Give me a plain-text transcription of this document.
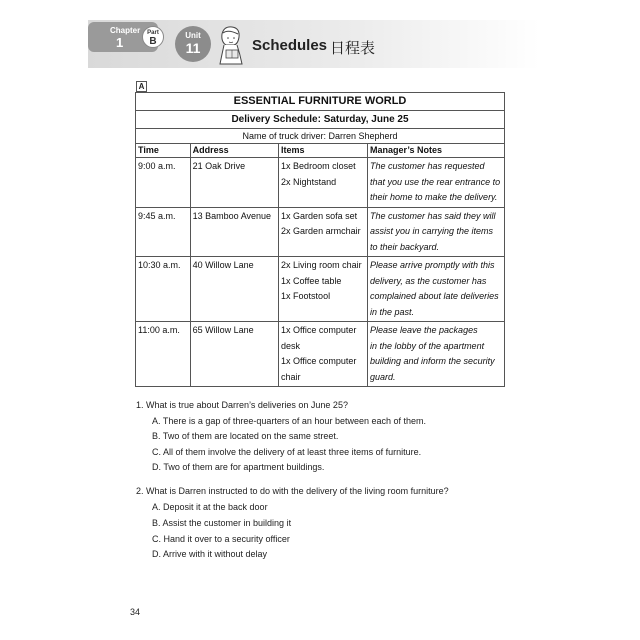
Chapter
1
Part
B
Unit
11	Schedules 日程表
A
ESSENTIAL FURNITURE WORLD			
Delivery Schedule: Saturday, June 25			
Name of truck driver: Darren Shepherd			
Time	Address	Items	Manager’s Notes
9:00 a.m.	21 Oak Drive	1x Bedroom closet
2x Nightstand	The customer has requested
that you use the rear entrance to
their home to make the delivery.

9:45 a.m.	13 Bamboo Avenue	1x Garden sofa set
2x Garden armchair	The customer has said they will
assist you in carrying the items
to their backyard.

10:30 a.m.	40 Willow Lane	2x Living room chair
1x Coffee table
1x Footstool	Please arrive promptly with this
delivery, as the customer has
complained about late deliveries
in the past.

11:00 a.m.	65 Willow Lane	1x Office computer
desk
1x Office computer
chair	Please leave the packages
in the lobby of the apartment
building and inform the security
guard.
1. What is true about Darren’s deliveries on June 25?
A. There is a gap of three-quarters of an hour between each of them.
B. Two of them are located on the same street.
C. All of them involve the delivery of at least three items of furniture.
D. Two of them are for apartment buildings.
2. What is Darren instructed to do with the delivery of the living room furniture?
A. Deposit it at the back door
B. Assist the customer in building it
C. Hand it over to a security officer
D. Arrive with it without delay
34
